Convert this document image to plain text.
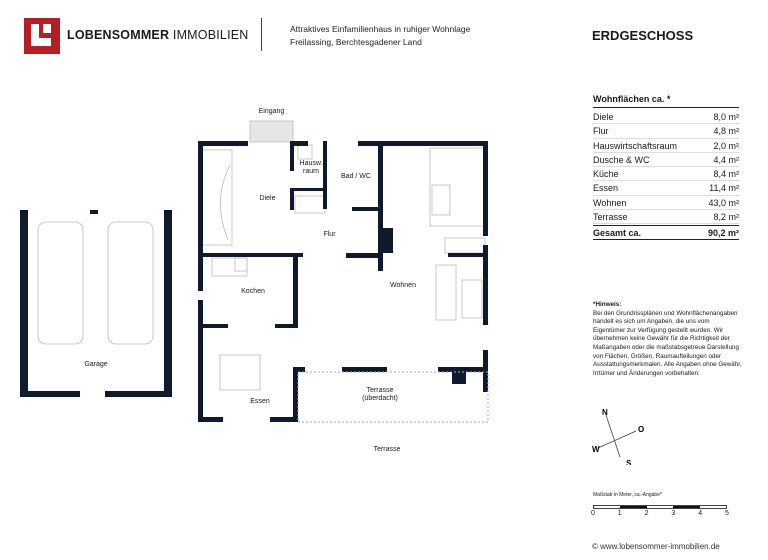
LOBENSOMMER IMMOBILIEN	Attraktives Einfamilienhaus in ruhiger Wohnlage
Freilassing, Berchtesgadener Land	ERDGESCHOSS
Wohnflächen ca. *
Diele	8,0 m²
Flur	4,8 m²
Hauswirtschaftsraum	2,0 m²
Dusche & WC	4,4 m²
Küche	8,4 m²
Essen	11,4 m²
Wohnen	43,0 m²
Terrasse	8,2 m²
Gesamt ca.	90,2 m²
*Hinweis:
Bei den Grundrissplänen und Wohnflächenangaben handelt es sich um Angaben, die uns vom Eigentümer zur Verfügung gestellt wurden. Wir übernehmen keine Gewähr für die Richtigkeit der Maßangaben oder die maßstabsgetreue Darstellung von Flächen, Größen, Raumaufteilungen oder Ausstattungsmerkmalen. Alle Angaben ohne Gewähr, Irrtümer und Änderungen vorbehalten.
N
O
S
W
Maßstab in Meter, ca.-Angabe*
0	1	2	3	4	5
© www.lobensommer-immobilien.de
Eingang
Hausw.
raum
Bad / WC
Diele
Flur
Kochen
Wohnen
Essen
Terrasse
(überdacht)
Terrasse
Garage
